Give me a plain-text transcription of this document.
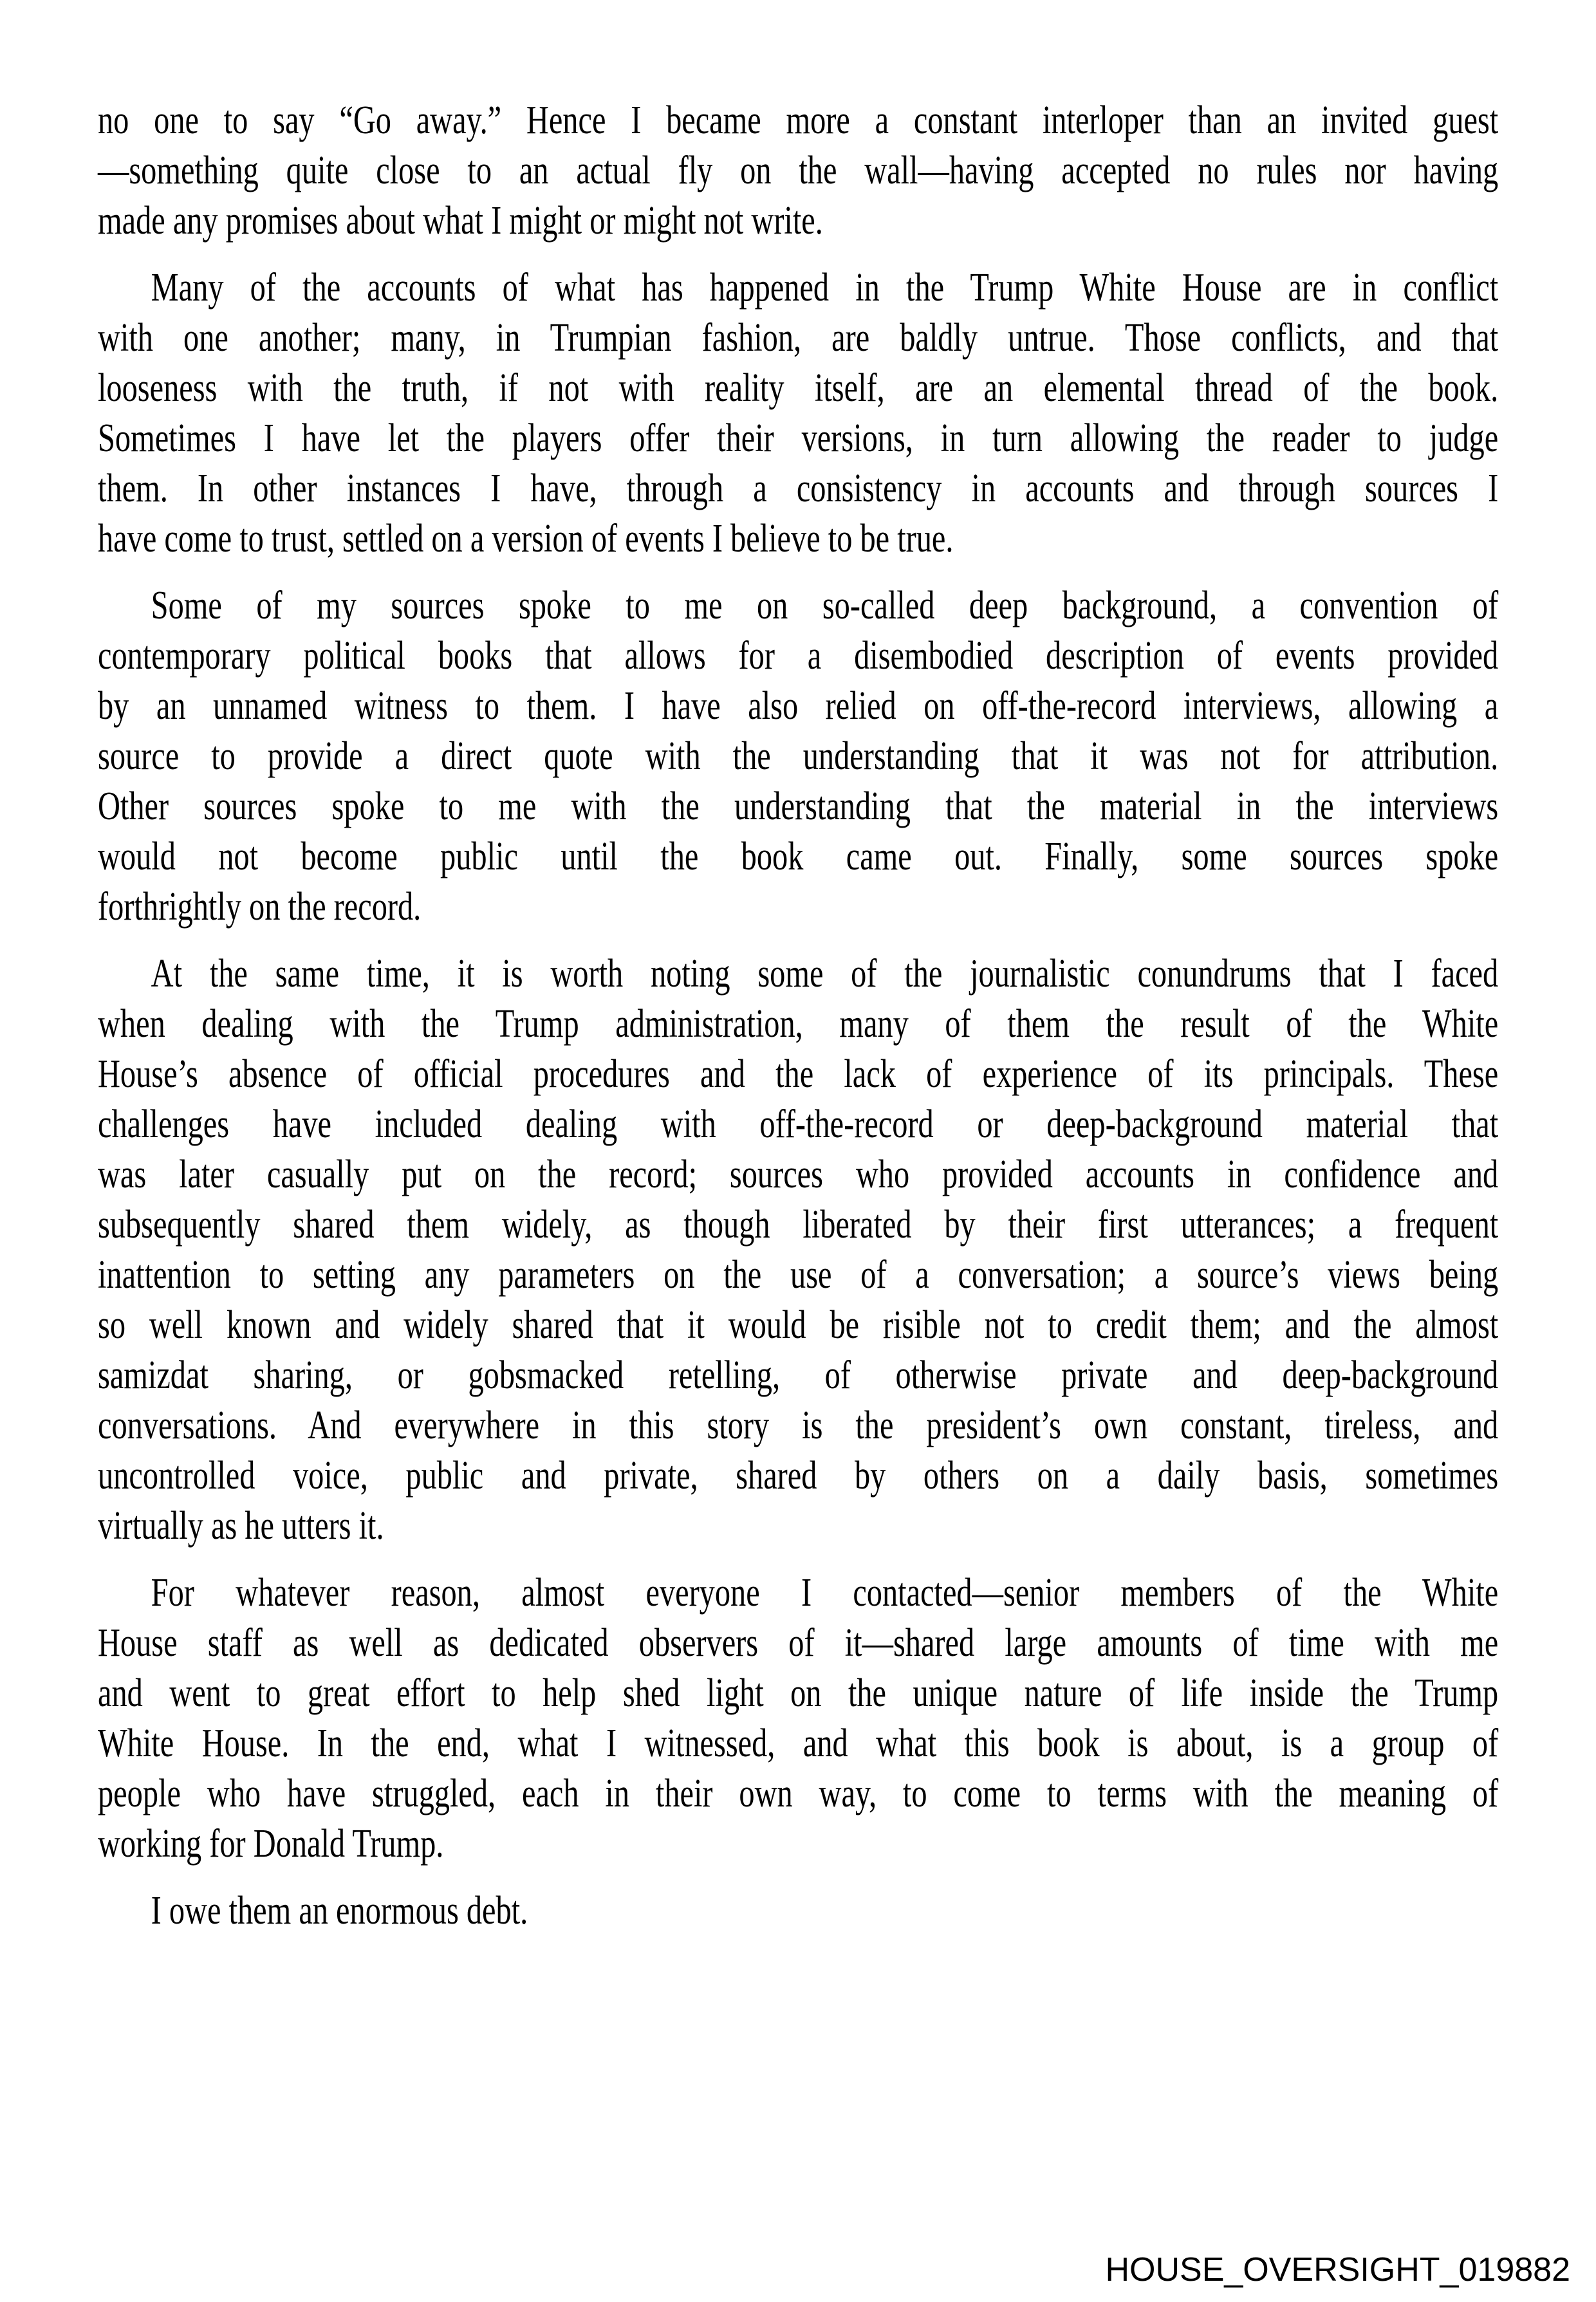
no one to say “Go away.” Hence I became more a constant interloper than an invited guest
—something quite close to an actual fly on the wall—having accepted no rules nor having
made any promises about what I might or might not write.
Many of the accounts of what has happened in the Trump White House are in conflict
with one another; many, in Trumpian fashion, are baldly untrue. Those conflicts, and that
looseness with the truth, if not with reality itself, are an elemental thread of the book.
Sometimes I have let the players offer their versions, in turn allowing the reader to judge
them. In other instances I have, through a consistency in accounts and through sources I
have come to trust, settled on a version of events I believe to be true.
Some of my sources spoke to me on so-called deep background, a convention of
contemporary political books that allows for a disembodied description of events provided
by an unnamed witness to them. I have also relied on off-the-record interviews, allowing a
source to provide a direct quote with the understanding that it was not for attribution.
Other sources spoke to me with the understanding that the material in the interviews
would not become public until the book came out. Finally, some sources spoke
forthrightly on the record.
At the same time, it is worth noting some of the journalistic conundrums that I faced
when dealing with the Trump administration, many of them the result of the White
House’s absence of official procedures and the lack of experience of its principals. These
challenges have included dealing with off-the-record or deep-background material that
was later casually put on the record; sources who provided accounts in confidence and
subsequently shared them widely, as though liberated by their first utterances; a frequent
inattention to setting any parameters on the use of a conversation; a source’s views being
so well known and widely shared that it would be risible not to credit them; and the almost
samizdat sharing, or gobsmacked retelling, of otherwise private and deep-background
conversations. And everywhere in this story is the president’s own constant, tireless, and
uncontrolled voice, public and private, shared by others on a daily basis, sometimes
virtually as he utters it.
For whatever reason, almost everyone I contacted—senior members of the White
House staff as well as dedicated observers of it—shared large amounts of time with me
and went to great effort to help shed light on the unique nature of life inside the Trump
White House. In the end, what I witnessed, and what this book is about, is a group of
people who have struggled, each in their own way, to come to terms with the meaning of
working for Donald Trump.
I owe them an enormous debt.
HOUSE_OVERSIGHT_019882
